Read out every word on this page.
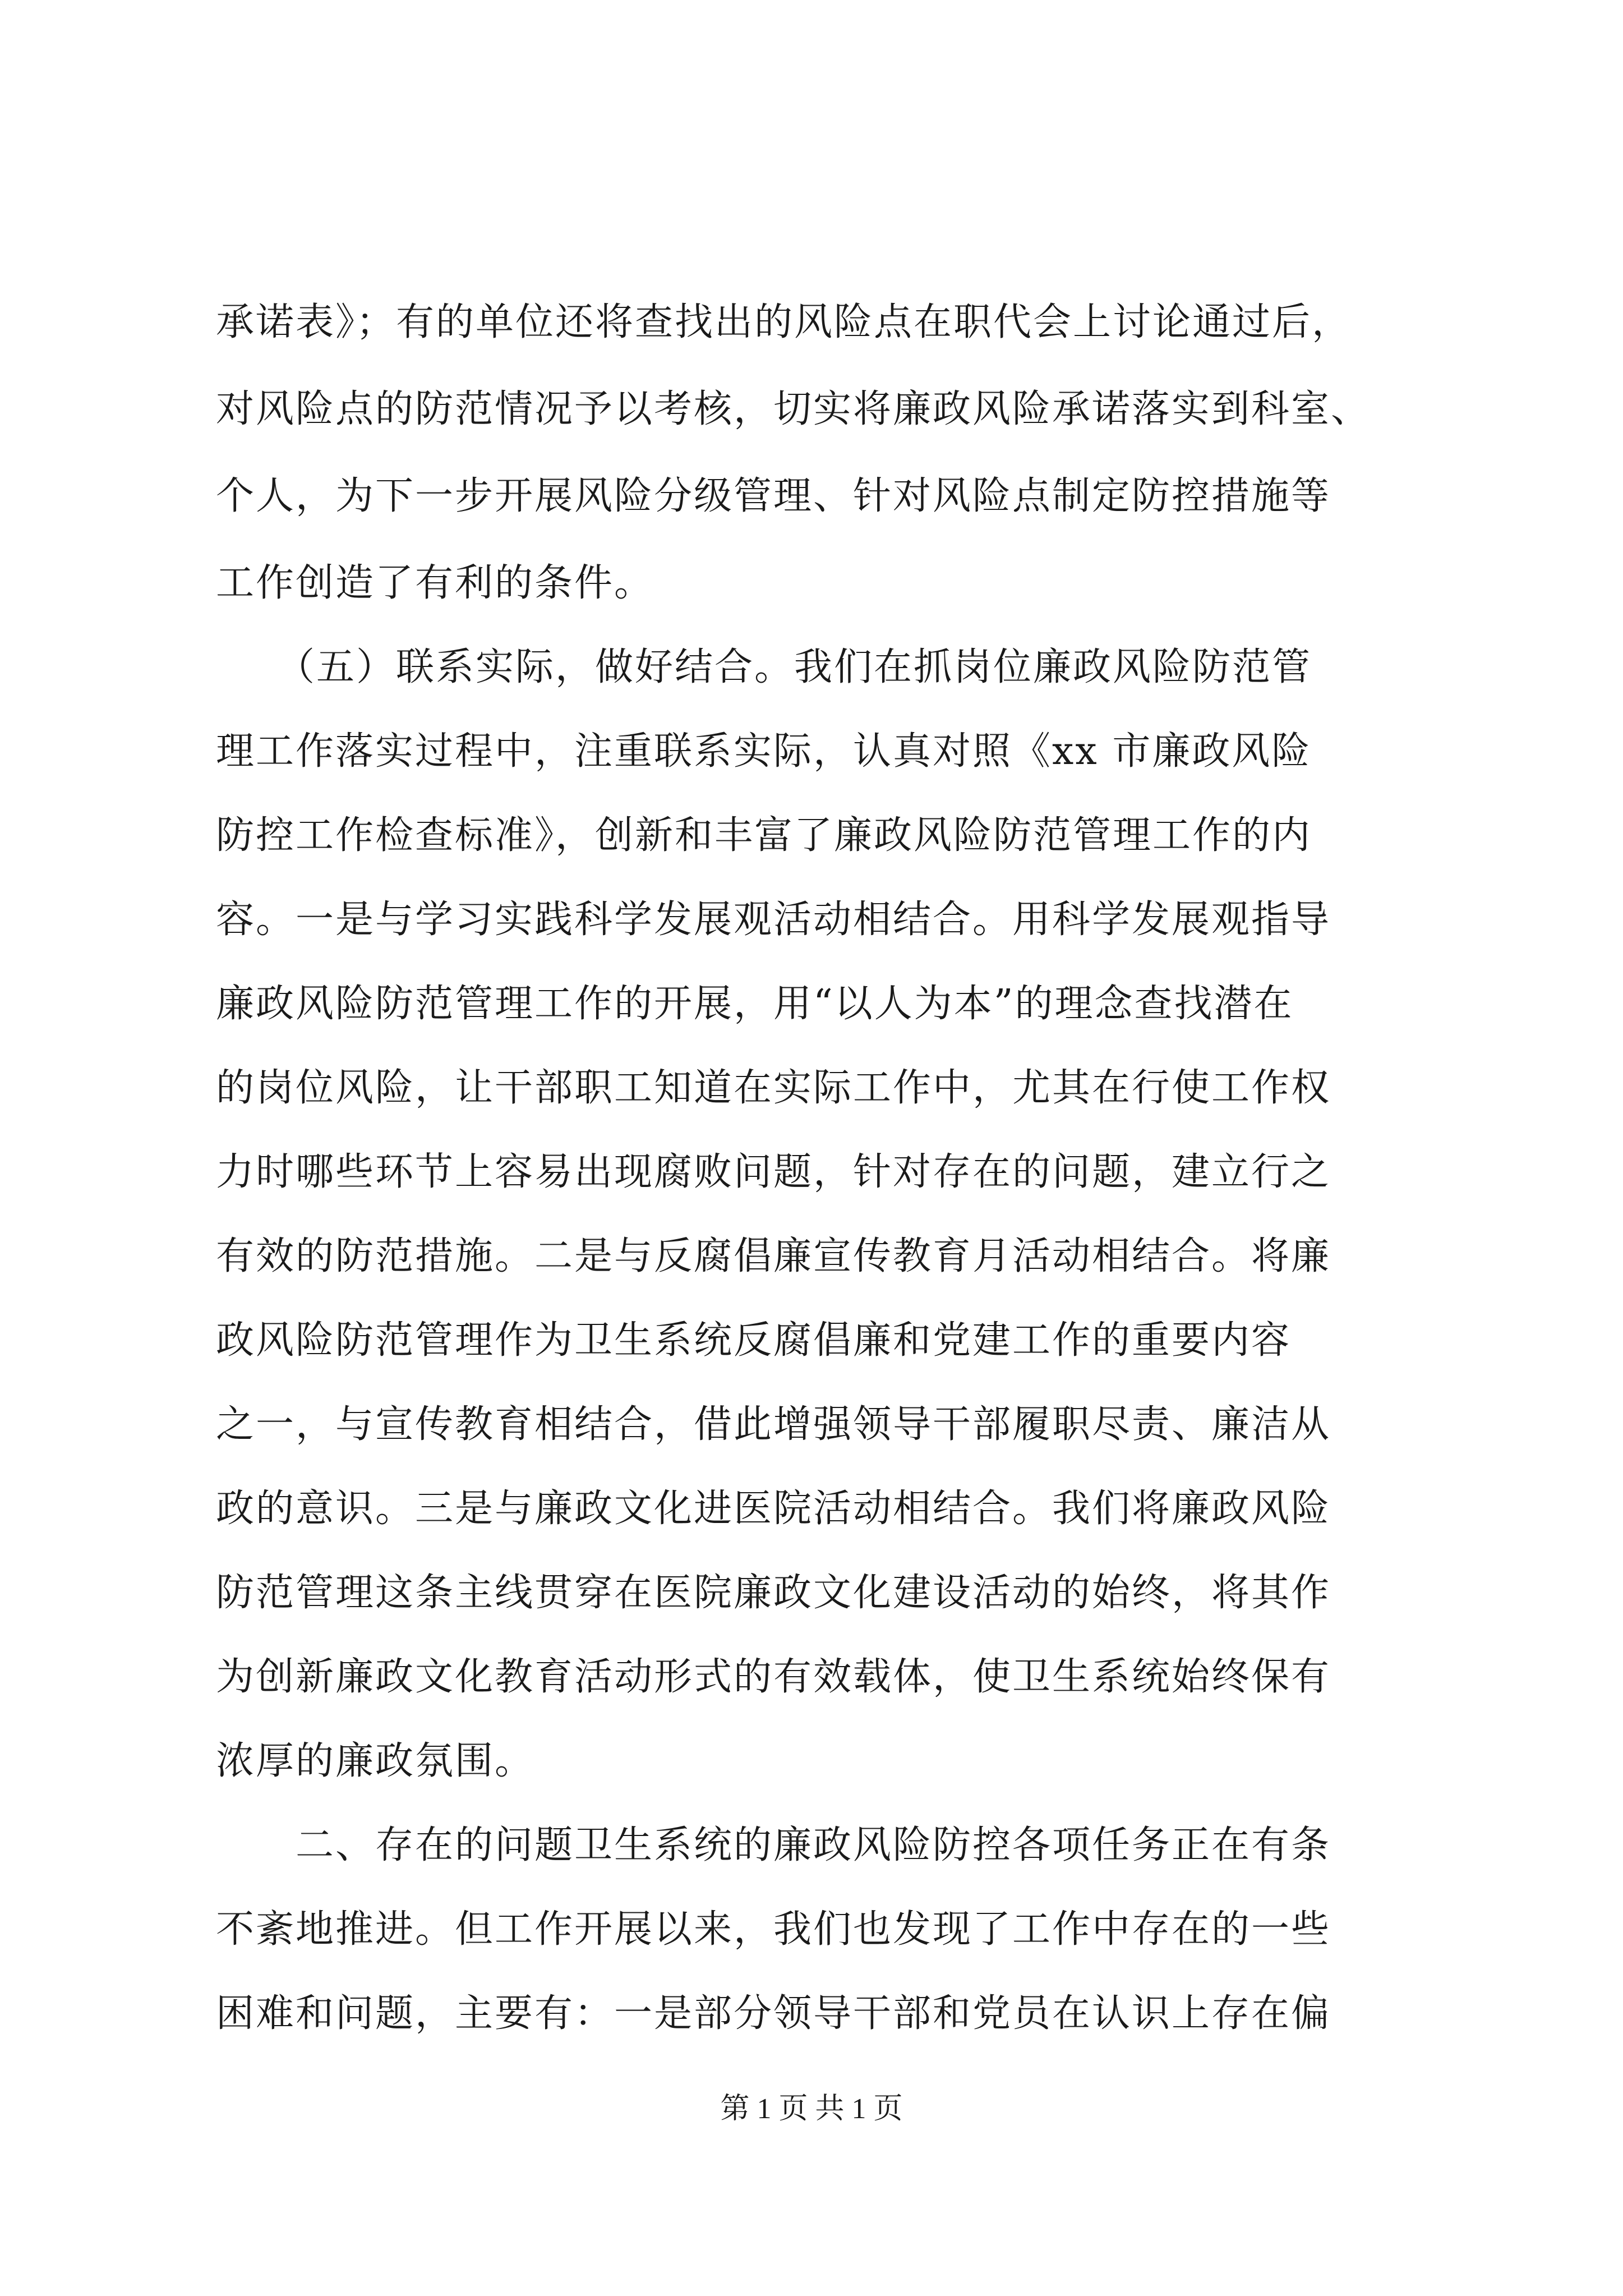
承诺表》；有的单位还将查找出的风险点在职代会上讨论通过后，
对风险点的防范情况予以考核，切实将廉政风险承诺落实到科室、
个人，为下一步开展风险分级管理、针对风险点制定防控措施等
工作创造了有利的条件。
　　（五）联系实际，做好结合。我们在抓岗位廉政风险防范管
理工作落实过程中，注重联系实际，认真对照《xx 市廉政风险
防控工作检查标准》，创新和丰富了廉政风险防范管理工作的内
容。一是与学习实践科学发展观活动相结合。用科学发展观指导
廉政风险防范管理工作的开展，用“以人为本”的理念查找潜在
的岗位风险，让干部职工知道在实际工作中，尤其在行使工作权
力时哪些环节上容易出现腐败问题，针对存在的问题，建立行之
有效的防范措施。二是与反腐倡廉宣传教育月活动相结合。将廉
政风险防范管理作为卫生系统反腐倡廉和党建工作的重要内容
之一，与宣传教育相结合，借此增强领导干部履职尽责、廉洁从
政的意识。三是与廉政文化进医院活动相结合。我们将廉政风险
防范管理这条主线贯穿在医院廉政文化建设活动的始终，将其作
为创新廉政文化教育活动形式的有效载体，使卫生系统始终保有
浓厚的廉政氛围。
　　二、存在的问题卫生系统的廉政风险防控各项任务正在有条
不紊地推进。但工作开展以来，我们也发现了工作中存在的一些
困难和问题，主要有：一是部分领导干部和党员在认识上存在偏
第 1 页 共 1 页
